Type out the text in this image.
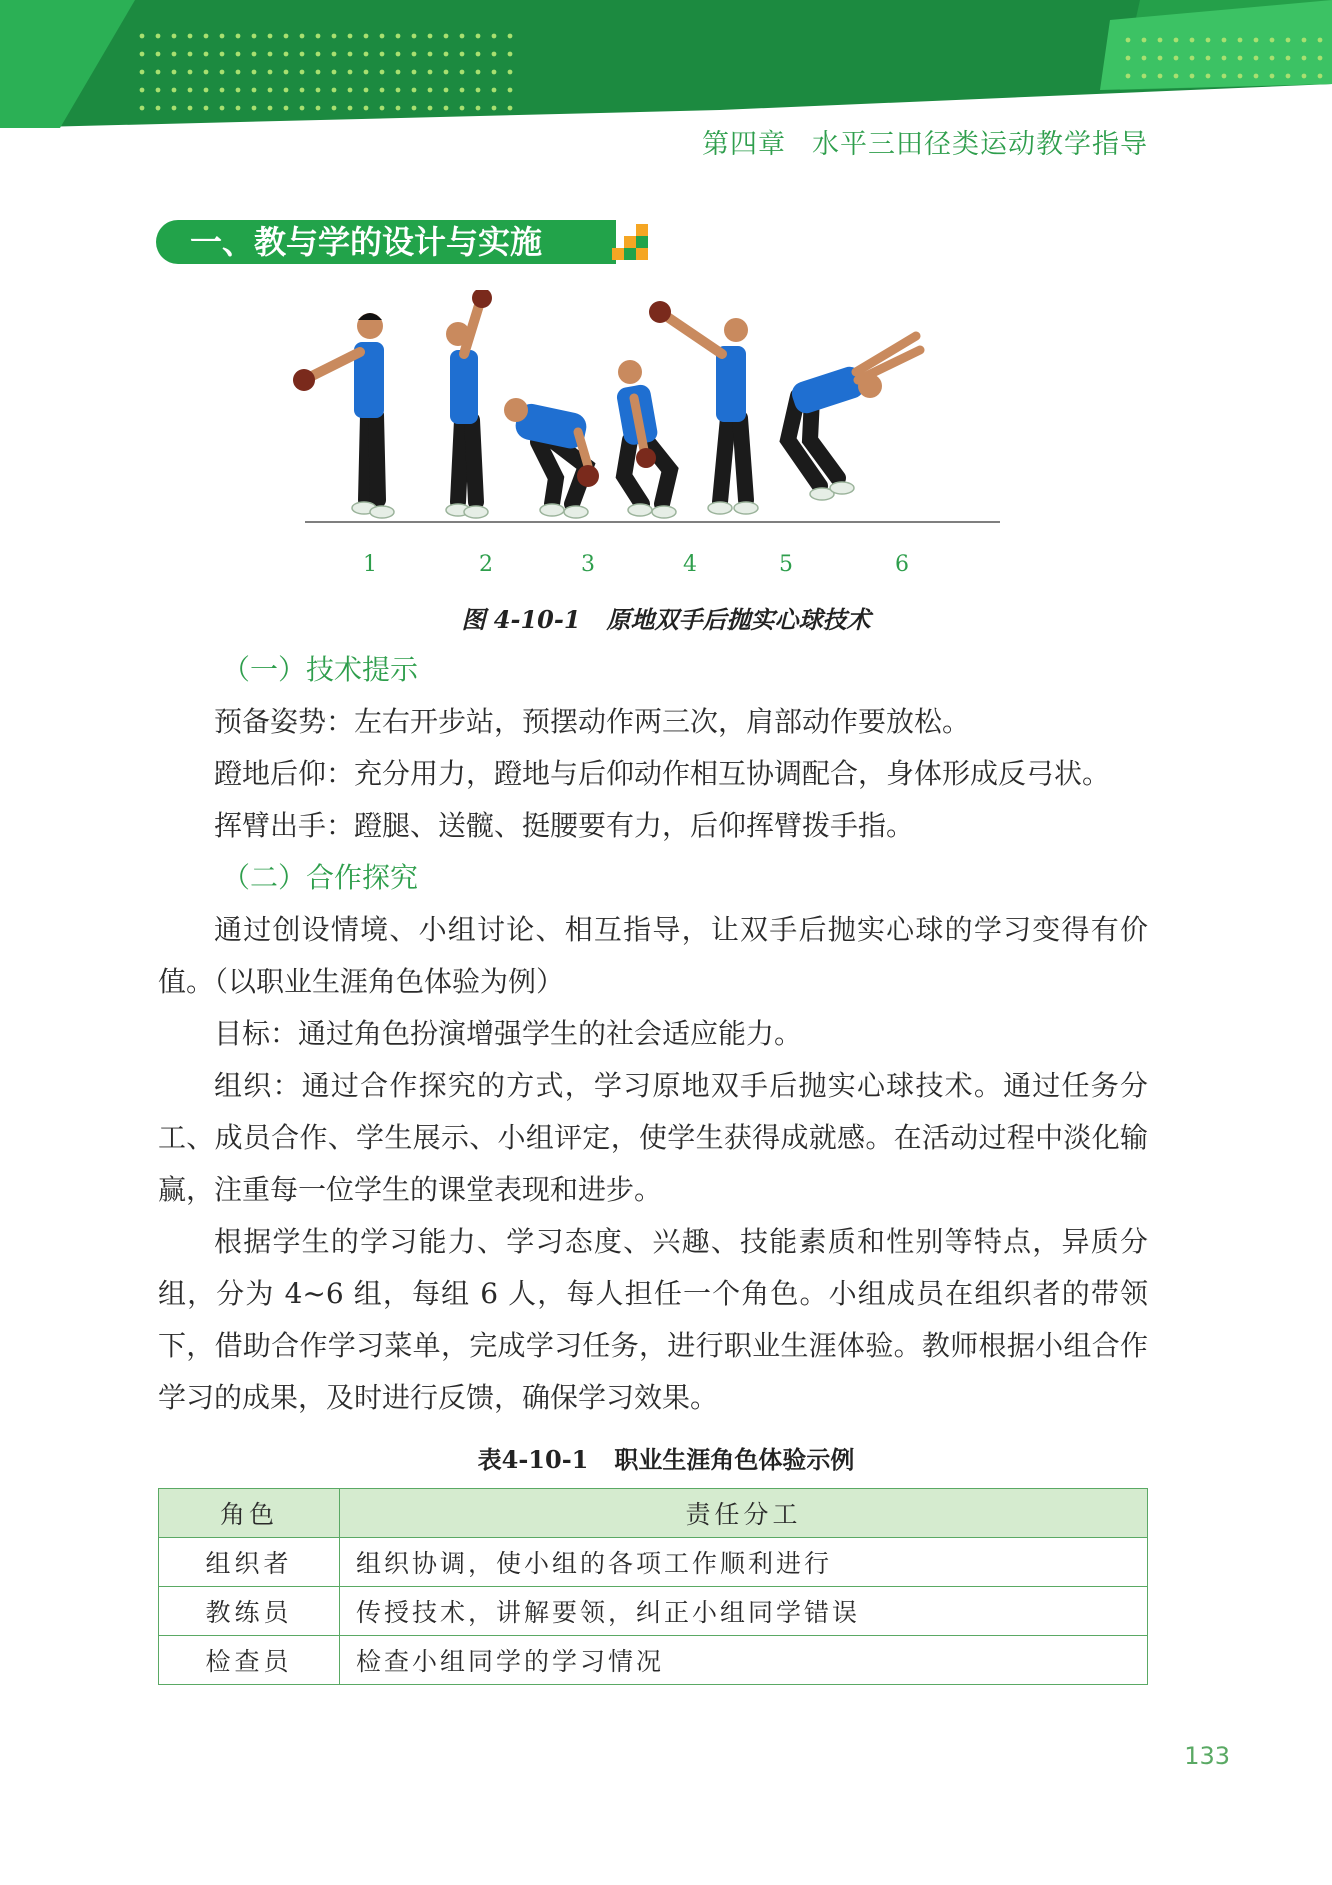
第四章 水平三田径类运动教学指导
一、教与学的设计与实施
1	2	3	4	5	6
图 4-10-1 原地双手后抛实心球技术
（一）技术提示

预备姿势：左右开步站，预摆动作两三次，肩部动作要放松。

蹬地后仰：充分用力，蹬地与后仰动作相互协调配合，身体形成反弓状。

挥臂出手：蹬腿、送髋、挺腰要有力，后仰挥臂拨手指。

（二）合作探究

通过创设情境、小组讨论、相互指导，让双手后抛实心球的学习变得有价值。（以职业生涯角色体验为例）

目标：通过角色扮演增强学生的社会适应能力。

组织：通过合作探究的方式，学习原地双手后抛实心球技术。通过任务分工、成员合作、学生展示、小组评定，使学生获得成就感。在活动过程中淡化输赢，注重每一位学生的课堂表现和进步。

根据学生的学习能力、学习态度、兴趣、技能素质和性别等特点，异质分组，分为 4~6 组，每组 6 人，每人担任一个角色。小组成员在组织者的带领下，借助合作学习菜单，完成学习任务，进行职业生涯体验。教师根据小组合作学习的成果，及时进行反馈，确保学习效果。

表4-10-1 职业生涯角色体验示例
角色	责任分工
组织者	组织协调，使小组的各项工作顺利进行
教练员	传授技术，讲解要领，纠正小组同学错误
检查员	检查小组同学的学习情况
133
